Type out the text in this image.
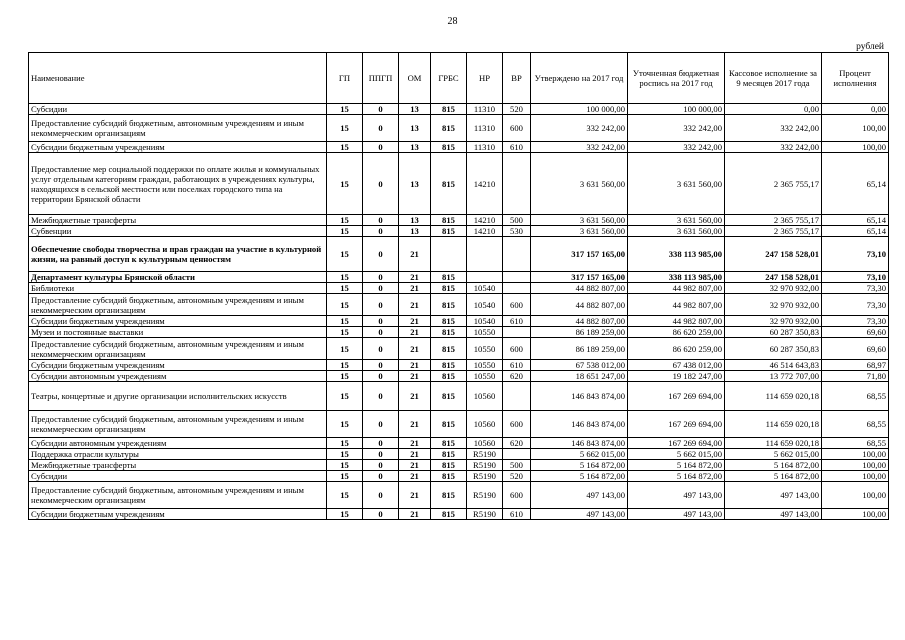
28
рублей
Наименование	ГП	ППГП	ОМ	ГРБС	НР	ВР	Утверждено на 2017 год	Уточненная бюджетная роспись на 2017 год	Кассовое исполнение за 9 месяцев 2017 года	Процент исполнения
Субсидии	15	0	13	815	11310	520	100 000,00	100 000,00	0,00	0,00
Предоставление субсидий бюджетным, автономным учреждениям и иным некоммерческим организациям	15	0	13	815	11310	600	332 242,00	332 242,00	332 242,00	100,00
Субсидии бюджетным учреждениям	15	0	13	815	11310	610	332 242,00	332 242,00	332 242,00	100,00
Предоставление мер социальной поддержки по оплате жилья и коммунальных услуг отдельным категориям граждан, работающих в учреждениях культуры, находящихся в сельской местности или поселках городского типа на территории Брянской области	15	0	13	815	14210		3 631 560,00	3 631 560,00	2 365 755,17	65,14
Межбюджетные трансферты	15	0	13	815	14210	500	3 631 560,00	3 631 560,00	2 365 755,17	65,14
Субвенции	15	0	13	815	14210	530	3 631 560,00	3 631 560,00	2 365 755,17	65,14
Обеспечение свободы творчества и прав граждан на участие в культурной жизни, на равный доступ к культурным ценностям	15	0	21				317 157 165,00	338 113 985,00	247 158 528,01	73,10
Департамент культуры Брянской области	15	0	21	815			317 157 165,00	338 113 985,00	247 158 528,01	73,10
Библиотеки	15	0	21	815	10540		44 882 807,00	44 982 807,00	32 970 932,00	73,30
Предоставление субсидий бюджетным, автономным учреждениям и иным некоммерческим организациям	15	0	21	815	10540	600	44 882 807,00	44 982 807,00	32 970 932,00	73,30
Субсидии бюджетным учреждениям	15	0	21	815	10540	610	44 882 807,00	44 982 807,00	32 970 932,00	73,30
Музеи и постоянные выставки	15	0	21	815	10550		86 189 259,00	86 620 259,00	60 287 350,83	69,60
Предоставление субсидий бюджетным, автономным учреждениям и иным некоммерческим организациям	15	0	21	815	10550	600	86 189 259,00	86 620 259,00	60 287 350,83	69,60
Субсидии бюджетным учреждениям	15	0	21	815	10550	610	67 538 012,00	67 438 012,00	46 514 643,83	68,97
Субсидии автономным учреждениям	15	0	21	815	10550	620	18 651 247,00	19 182 247,00	13 772 707,00	71,80
Театры, концертные и другие организации исполнительских искусств	15	0	21	815	10560		146 843 874,00	167 269 694,00	114 659 020,18	68,55
Предоставление субсидий бюджетным, автономным учреждениям и иным некоммерческим организациям	15	0	21	815	10560	600	146 843 874,00	167 269 694,00	114 659 020,18	68,55
Субсидии автономным учреждениям	15	0	21	815	10560	620	146 843 874,00	167 269 694,00	114 659 020,18	68,55
Поддержка отрасли культуры	15	0	21	815	R5190		5 662 015,00	5 662 015,00	5 662 015,00	100,00
Межбюджетные трансферты	15	0	21	815	R5190	500	5 164 872,00	5 164 872,00	5 164 872,00	100,00
Субсидии	15	0	21	815	R5190	520	5 164 872,00	5 164 872,00	5 164 872,00	100,00
Предоставление субсидий бюджетным, автономным учреждениям и иным некоммерческим организациям	15	0	21	815	R5190	600	497 143,00	497 143,00	497 143,00	100,00
Субсидии бюджетным учреждениям	15	0	21	815	R5190	610	497 143,00	497 143,00	497 143,00	100,00
